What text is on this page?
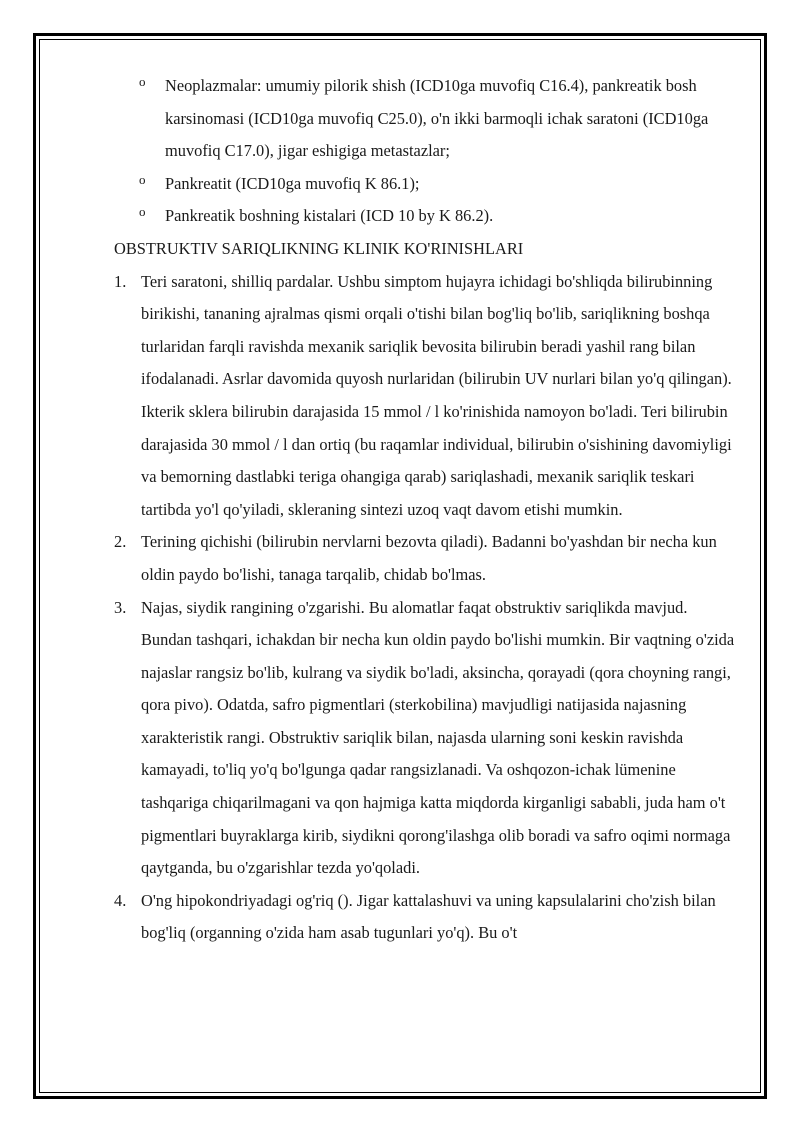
o Neoplazmalar: umumiy pilorik shish (ICD10ga muvofiq C16.4), pankreatik bosh karsinomasi (ICD10ga muvofiq C25.0), o'n ikki barmoqli ichak saratoni (ICD10ga muvofiq C17.0), jigar eshigiga metastazlar;
o Pankreatit (ICD10ga muvofiq K 86.1);
o Pankreatik boshning kistalari (ICD 10 by K 86.2).
OBSTRUKTIV SARIQLIKNING KLINIK KO'RINISHLARI
1. Teri saratoni, shilliq pardalar. Ushbu simptom hujayra ichidagi bo'shliqda bilirubinning birikishi, tananing ajralmas qismi orqali o'tishi bilan bog'liq bo'lib, sariqlikning boshqa turlaridan farqli ravishda mexanik sariqlik bevosita bilirubin beradi yashil rang bilan ifodalanadi. Asrlar davomida quyosh nurlaridan (bilirubin UV nurlari bilan yo'q qilingan). Ikterik sklera bilirubin darajasida 15 mmol / l ko'rinishida namoyon bo'ladi. Teri bilirubin darajasida 30 mmol / l dan ortiq (bu raqamlar individual, bilirubin o'sishining davomiyligi va bemorning dastlabki teriga ohangiga qarab) sariqlashadi, mexanik sariqlik teskari tartibda yo'l qo'yiladi, skleraning sintezi uzoq vaqt davom etishi mumkin.
2. Terining qichishi (bilirubin nervlarni bezovta qiladi). Badanni bo'yashdan bir necha kun oldin paydo bo'lishi, tanaga tarqalib, chidab bo'lmas.
3. Najas, siydik rangining o'zgarishi. Bu alomatlar faqat obstruktiv sariqlikda mavjud. Bundan tashqari, ichakdan bir necha kun oldin paydo bo'lishi mumkin. Bir vaqtning o'zida najaslar rangsiz bo'lib, kulrang va siydik bo'ladi, aksincha, qorayadi (qora choyning rangi, qora pivo). Odatda, safro pigmentlari (sterkobilina) mavjudligi natijasida najasning xarakteristik rangi. Obstruktiv sariqlik bilan, najasda ularning soni keskin ravishda kamayadi, to'liq yo'q bo'lgunga qadar rangsizlanadi. Va oshqozon-ichak lümenine tashqariga chiqarilmagani va qon hajmiga katta miqdorda kirganligi sababli, juda ham o't pigmentlari buyraklarga kirib, siydikni qorong'ilashga olib boradi va safro oqimi normaga qaytganda, bu o'zgarishlar tezda yo'qoladi.
4. O'ng hipokondriyadagi og'riq (). Jigar kattalashuvi va uning kapsulalarini cho'zish bilan bog'liq (organning o'zida ham asab tugunlari yo'q). Bu o't
